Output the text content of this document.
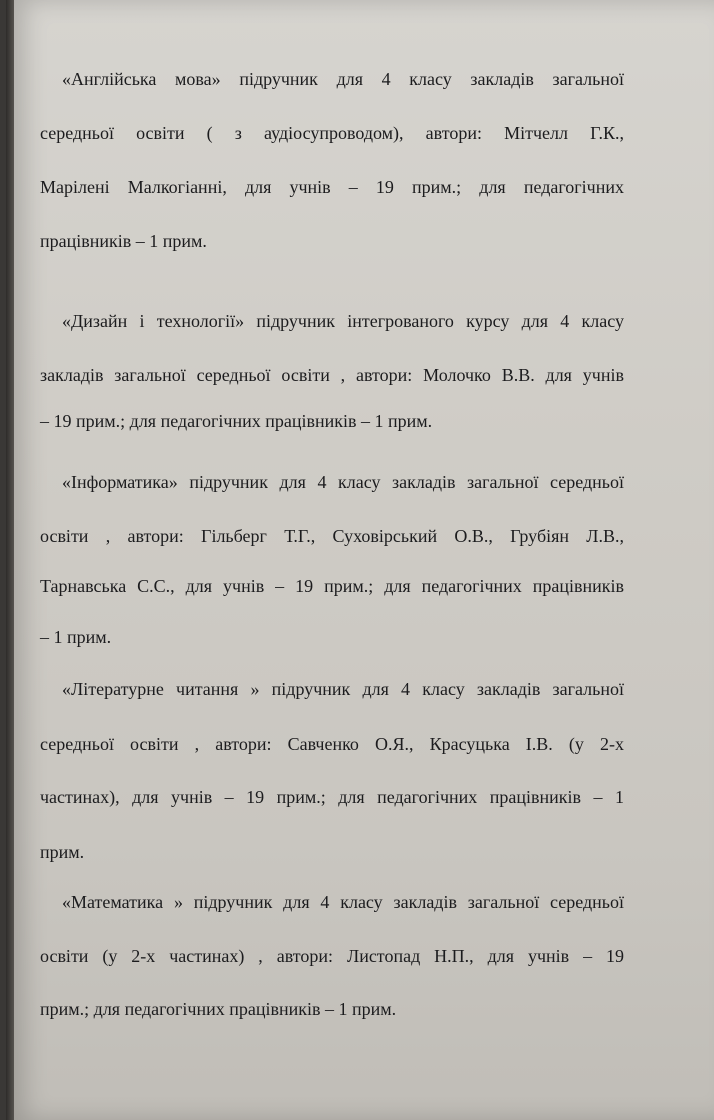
«Англійська мова» підручник для 4 класу закладів загальної
середньої освіти ( з аудіосупроводом), автори: Мітчелл Г.К.,
Марілені Малкогіанні, для учнів – 19 прим.; для педагогічних
працівників – 1 прим.
«Дизайн і технології» підручник інтегрованого курсу для 4 класу
закладів загальної середньої освіти , автори: Молочко В.В. для учнів
– 19 прим.; для педагогічних працівників – 1 прим.
«Інформатика» підручник для 4 класу закладів загальної середньої
освіти , автори: Гільберг Т.Г., Суховірський О.В., Грубіян Л.В.,
Тарнавська С.С., для учнів – 19 прим.; для педагогічних працівників
– 1 прим.
«Літературне читання » підручник для 4 класу закладів загальної
середньої освіти , автори: Савченко О.Я., Красуцька І.В. (у 2-х
частинах), для учнів – 19 прим.; для педагогічних працівників – 1
прим.
«Математика » підручник для 4 класу закладів загальної середньої
освіти (у 2-х частинах) , автори: Листопад Н.П., для учнів – 19
прим.; для педагогічних працівників – 1 прим.
